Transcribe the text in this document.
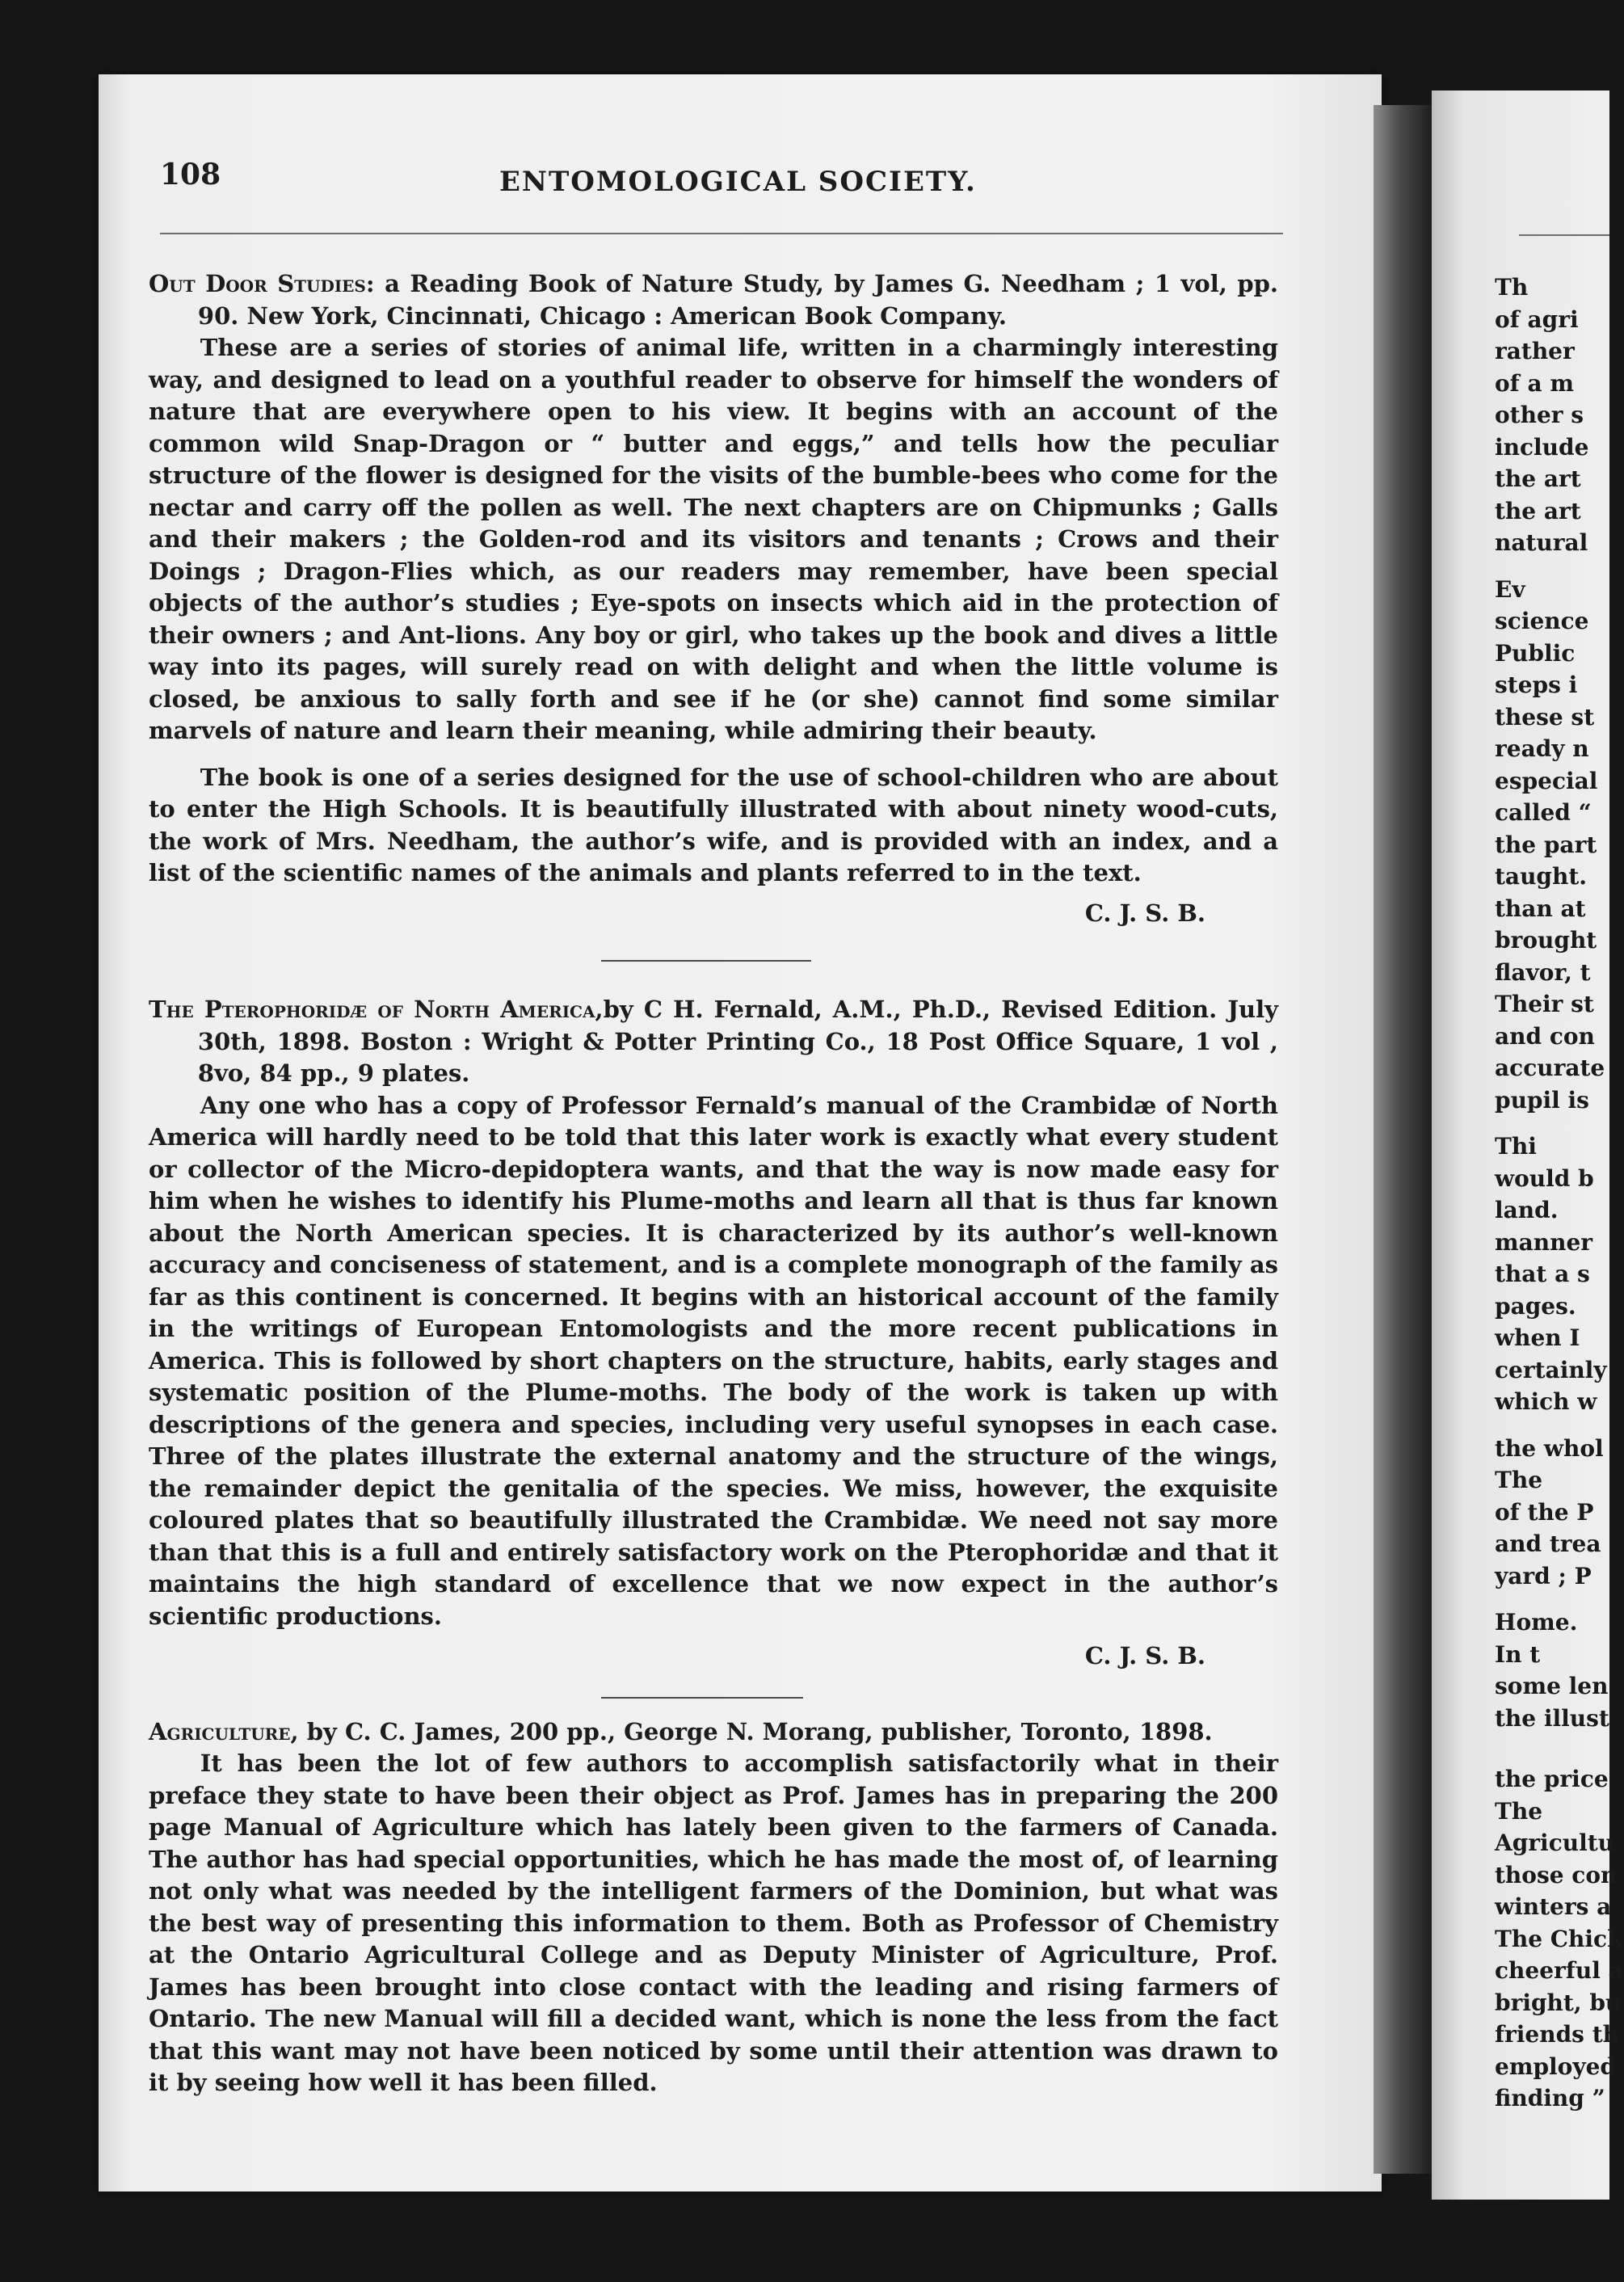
108	ENTOMOLOGICAL SOCIETY.

Out Door Studies: a Reading Book of Nature Study, by James G. Needham ; 1 vol, pp. 90. New York, Cincinnati, Chicago : American Book Company.

These are a series of stories of animal life, written in a charmingly interesting way, and designed to lead on a youthful reader to observe for himself the wonders of nature that are everywhere open to his view. It begins with an account of the common wild Snap-Dragon or “ butter and eggs,” and tells how the peculiar structure of the flower is designed for the visits of the bumble-bees who come for the nectar and carry off the pollen as well. The next chapters are on Chipmunks ; Galls and their makers ; the Golden-rod and its visitors and tenants ; Crows and their Doings ; Dragon-Flies which, as our readers may remember, have been special objects of the author’s studies ; Eye-spots on insects which aid in the protection of their owners ; and Ant-lions. Any boy or girl, who takes up the book and dives a little way into its pages, will surely read on with delight and when the little volume is closed, be anxious to sally forth and see if he (or she) cannot find some similar marvels of nature and learn their meaning, while admiring their beauty.

The book is one of a series designed for the use of school-children who are about to enter the High Schools. It is beautifully illustrated with about ninety wood-cuts, the work of Mrs. Needham, the author’s wife, and is provided with an index, and a list of the scientific names of the animals and plants referred to in the text.

C. J. S. B.

The Pterophoridæ of North America,by C H. Fernald, A.M., Ph.D., Revised Edition. July 30th, 1898. Boston : Wright & Potter Printing Co., 18 Post Office Square, 1 vol , 8vo, 84 pp., 9 plates.

Any one who has a copy of Professor Fernald’s manual of the Crambidæ of North America will hardly need to be told that this later work is exactly what every student or collector of the Micro-depidoptera wants, and that the way is now made easy for him when he wishes to identify his Plume-moths and learn all that is thus far known about the North American species. It is characterized by its author’s well-known accuracy and conciseness of statement, and is a complete monograph of the family as far as this continent is concerned. It begins with an historical account of the family in the writings of European Entomologists and the more recent publications in America. This is followed by short chapters on the structure, habits, early stages and systematic position of the Plume-moths. The body of the work is taken up with descriptions of the genera and species, including very useful synopses in each case. Three of the plates illustrate the external anatomy and the structure of the wings, the remainder depict the genitalia of the species. We miss, however, the exquisite coloured plates that so beautifully illustrated the Crambidæ. We need not say more than that this is a full and entirely satisfactory work on the Pterophoridæ and that it maintains the high standard of excellence that we now expect in the author’s scientific productions.

C. J. S. B.

Agriculture, by C. C. James, 200 pp., George N. Morang, publisher, Toronto, 1898.

It has been the lot of few authors to accomplish satisfactorily what in their preface they state to have been their object as Prof. James has in preparing the 200 page Manual of Agriculture which has lately been given to the farmers of Canada. The author has had special opportunities, which he has made the most of, of learning not only what was needed by the intelligent farmers of the Dominion, but what was the best way of presenting this information to them. Both as Professor of Chemistry at the Ontario Agricultural College and as Deputy Minister of Agriculture, Prof. James has been brought into close contact with the leading and rising farmers of Ontario. The new Manual will fill a decided want, which is none the less from the fact that this want may not have been noticed by some until their attention was drawn to it by seeing how well it has been filled.

Th
of agri
rather
of a m
other s
include
the art
the art
natural
Ev
science
Public
steps i
these st
ready n
especial
called “
the part
taught.
than at
brought
flavor, t
Their st
and con
accurate
pupil is
Thi
would b
land.
manner
that a s
pages.
when I
certainly
which w
the whol
The
of the P
and trea
yard ; P
Home.
In t
some len
the illust
the price
The
Agricultu
those con
winters a
The Chick
cheerful a
bright, bu
friends th
employed
finding ”
